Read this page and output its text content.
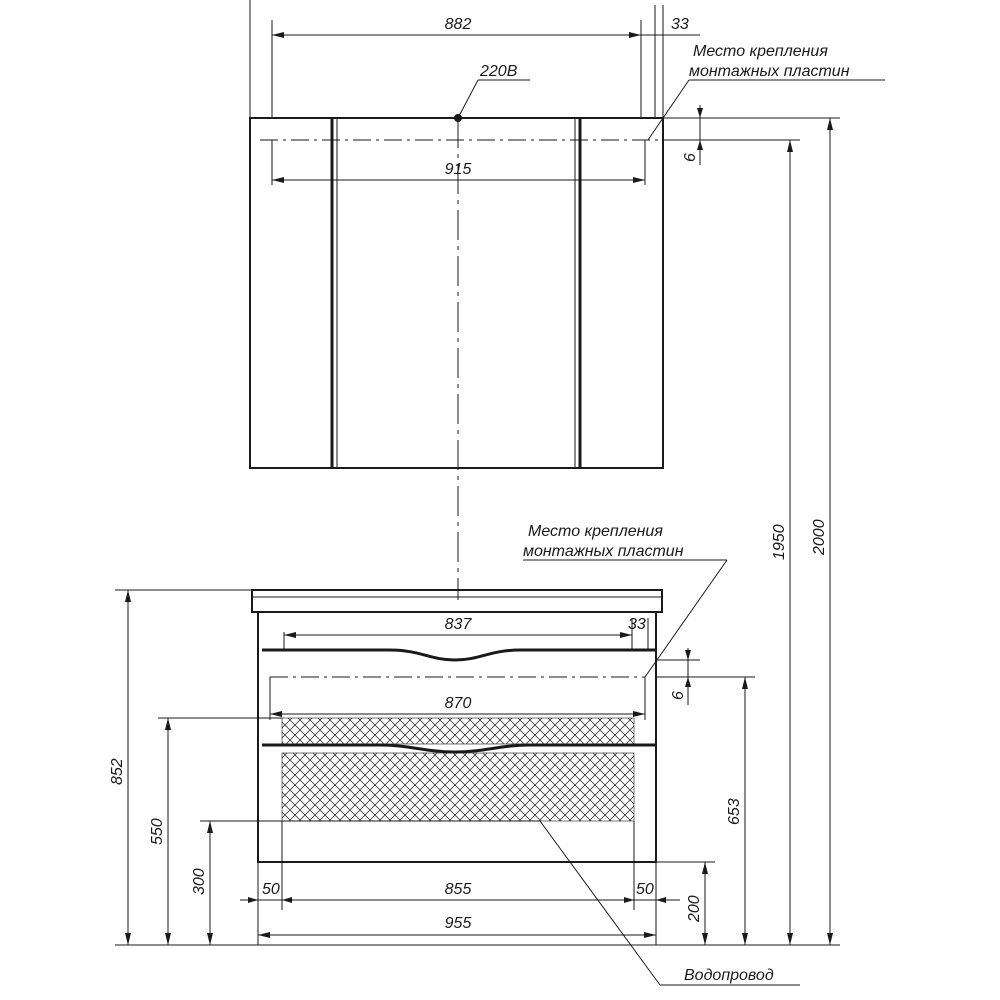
882	33
220В
Место крепления
монтажных пластин
915
6
2000
1950
837	33
Место крепления
монтажных пластин
870	6
653
852
550
300
200
50	855	50
955
Водопровод
